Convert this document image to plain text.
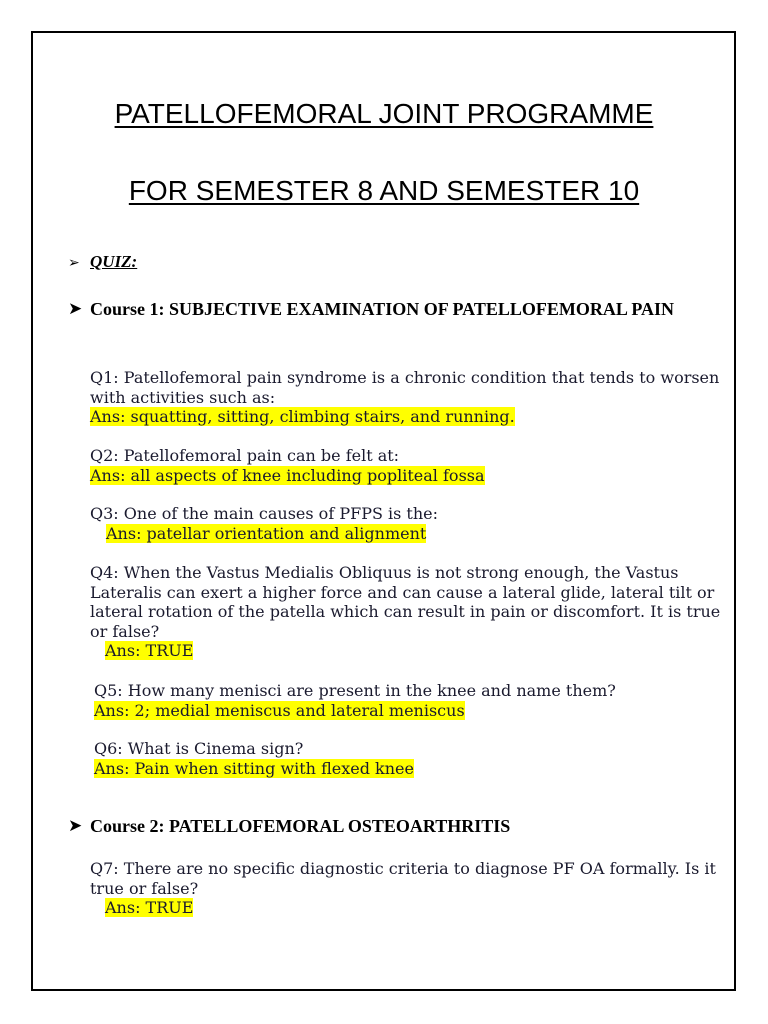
PATELLOFEMORAL JOINT PROGRAMME
FOR SEMESTER 8 AND SEMESTER 10
➢ QUIZ:
➤ Course 1: SUBJECTIVE EXAMINATION OF PATELLOFEMORAL PAIN
Q1: Patellofemoral pain syndrome is a chronic condition that tends to worsen with activities such as:
Ans: squatting, sitting, climbing stairs, and running.
Q2: Patellofemoral pain can be felt at:
Ans: all aspects of knee including popliteal fossa
Q3: One of the main causes of PFPS is the:
Ans: patellar orientation and alignment
Q4: When the Vastus Medialis Obliquus is not strong enough, the Vastus Lateralis can exert a higher force and can cause a lateral glide, lateral tilt or lateral rotation of the patella which can result in pain or discomfort. It is true or false?
Ans: TRUE
Q5: How many menisci are present in the knee and name them?
Ans: 2; medial meniscus and lateral meniscus
Q6: What is Cinema sign?
Ans: Pain when sitting with flexed knee
➤ Course 2: PATELLOFEMORAL OSTEOARTHRITIS
Q7: There are no specific diagnostic criteria to diagnose PF OA formally. Is it true or false?
Ans: TRUE
